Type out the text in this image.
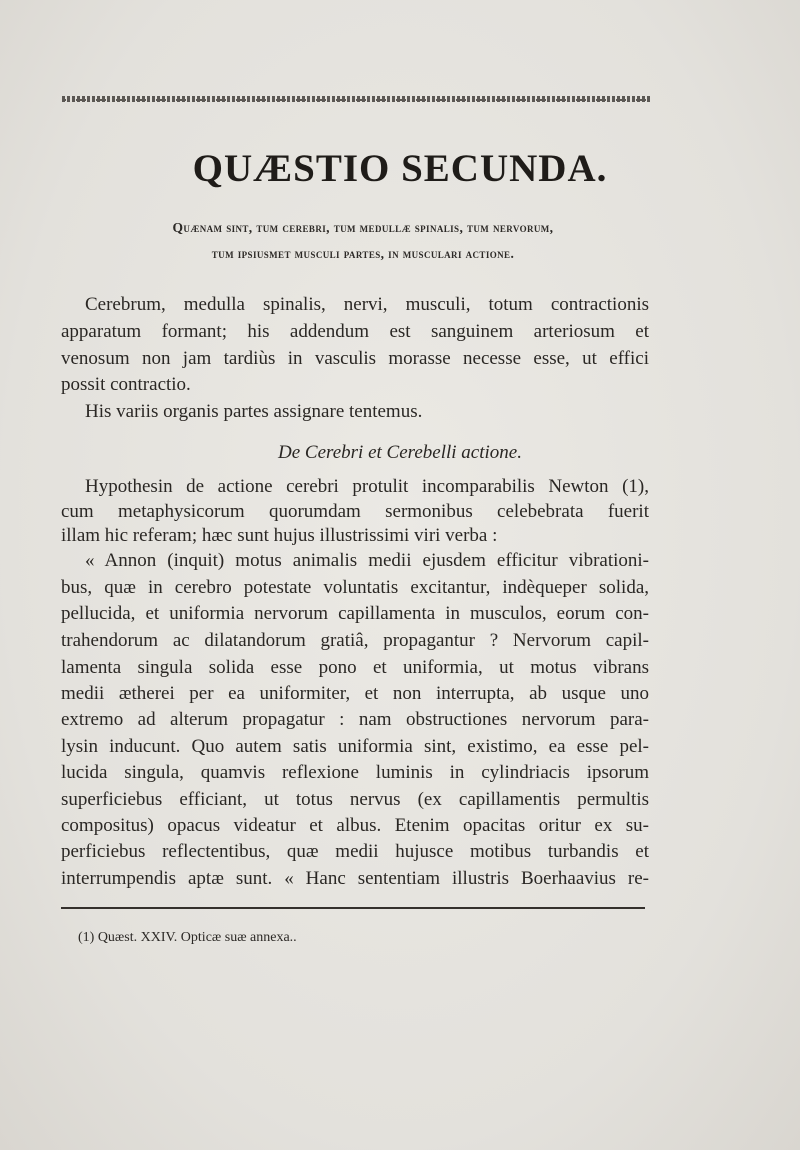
QUÆSTIO SECUNDA.
Quænam sint, tum cerebri, tum medullæ spinalis, tum nervorum,
tum ipsiusmet musculi partes, in musculari actione.
Cerebrum, medulla spinalis, nervi, musculi, totum contractionis
apparatum formant; his addendum est sanguinem arteriosum et
venosum non jam tardiùs in vasculis morasse necesse esse, ut effici
possit contractio.
His variis organis partes assignare tentemus.
De Cerebri et Cerebelli actione.
Hypothesin de actione cerebri protulit incomparabilis Newton (1),
cum metaphysicorum quorumdam sermonibus celebebrata fuerit
illam hic referam; hæc sunt hujus illustrissimi viri verba :
« Annon (inquit) motus animalis medii ejusdem efficitur vibrationi-
bus, quæ in cerebro potestate voluntatis excitantur, indèqueper solida,
pellucida, et uniformia nervorum capillamenta in musculos, eorum con-
trahendorum ac dilatandorum gratiâ, propagantur ? Nervorum capil-
lamenta singula solida esse pono et uniformia, ut motus vibrans
medii ætherei per ea uniformiter, et non interrupta, ab usque uno
extremo ad alterum propagatur : nam obstructiones nervorum para-
lysin inducunt. Quo autem satis uniformia sint, existimo, ea esse pel-
lucida singula, quamvis reflexione luminis in cylindriacis ipsorum
superficiebus efficiant, ut totus nervus (ex capillamentis permultis
compositus) opacus videatur et albus. Etenim opacitas oritur ex su-
perficiebus reflectentibus, quæ medii hujusce motibus turbandis et
interrumpendis aptæ sunt. « Hanc sententiam illustris Boerhaavius re-
(1) Quæst. XXIV. Opticæ suæ annexa..
